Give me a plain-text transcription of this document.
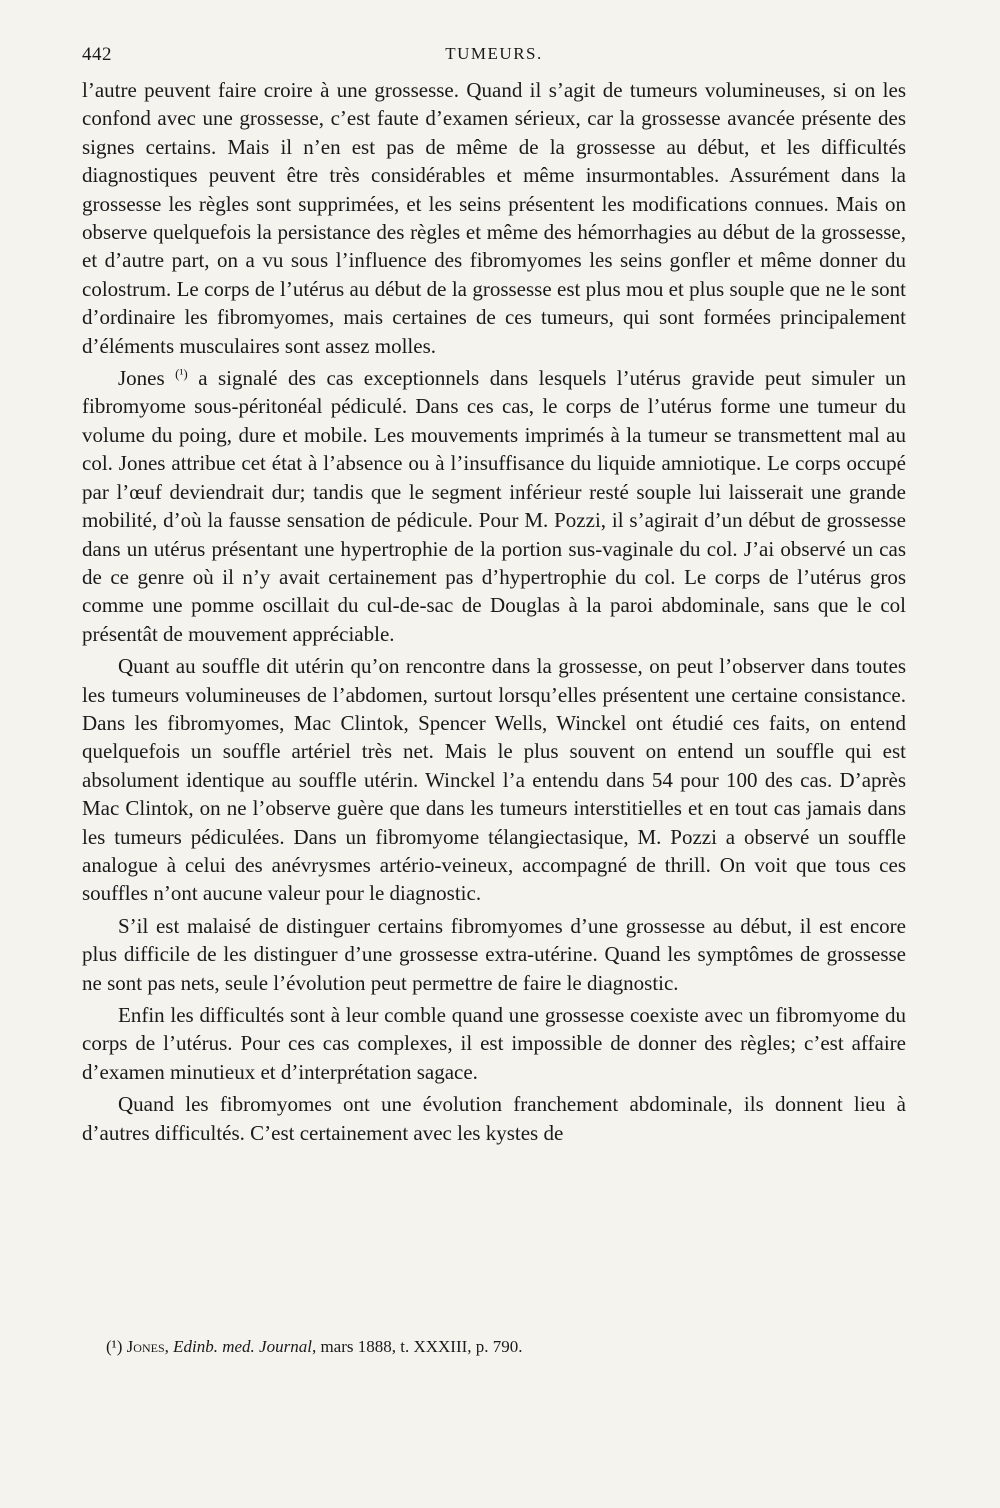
442	TUMEURS.

l’autre peuvent faire croire à une grossesse. Quand il s’agit de tumeurs volumineuses, si on les confond avec une grossesse, c’est faute d’examen sérieux, car la grossesse avancée présente des signes certains. Mais il n’en est pas de même de la grossesse au début, et les difficultés diagnostiques peuvent être très considérables et même insurmontables. Assurément dans la grossesse les règles sont supprimées, et les seins présentent les modifications connues. Mais on observe quelquefois la persistance des règles et même des hémorrhagies au début de la grossesse, et d’autre part, on a vu sous l’influence des fibromyomes les seins gonfler et même donner du colostrum. Le corps de l’utérus au début de la grossesse est plus mou et plus souple que ne le sont d’ordinaire les fibromyomes, mais certaines de ces tumeurs, qui sont formées principalement d’éléments musculaires sont assez molles.

Jones $^{(^1)}$ a signalé des cas exceptionnels dans lesquels l’utérus gravide peut simuler un fibromyome sous-péritonéal pédiculé. Dans ces cas, le corps de l’utérus forme une tumeur du volume du poing, dure et mobile. Les mouvements imprimés à la tumeur se transmettent mal au col. Jones attribue cet état à l’absence ou à l’insuffisance du liquide amniotique. Le corps occupé par l’œuf deviendrait dur; tandis que le segment inférieur resté souple lui laisserait une grande mobilité, d’où la fausse sensation de pédicule. Pour M. Pozzi, il s’agirait d’un début de grossesse dans un utérus présentant une hypertrophie de la portion sus-vaginale du col. J’ai observé un cas de ce genre où il n’y avait certainement pas d’hypertrophie du col. Le corps de l’utérus gros comme une pomme oscillait du cul-de-sac de Douglas à la paroi abdominale, sans que le col présentât de mouvement appréciable.

Quant au souffle dit utérin qu’on rencontre dans la grossesse, on peut l’observer dans toutes les tumeurs volumineuses de l’abdomen, surtout lorsqu’elles présentent une certaine consistance. Dans les fibromyomes, Mac Clintok, Spencer Wells, Winckel ont étudié ces faits, on entend quelquefois un souffle artériel très net. Mais le plus souvent on entend un souffle qui est absolument identique au souffle utérin. Winckel l’a entendu dans 54 pour 100 des cas. D’après Mac Clintok, on ne l’observe guère que dans les tumeurs interstitielles et en tout cas jamais dans les tumeurs pédiculées. Dans un fibromyome télangiectasique, M. Pozzi a observé un souffle analogue à celui des anévrysmes artério-veineux, accompagné de thrill. On voit que tous ces souffles n’ont aucune valeur pour le diagnostic.

S’il est malaisé de distinguer certains fibromyomes d’une grossesse au début, il est encore plus difficile de les distinguer d’une grossesse extra-utérine. Quand les symptômes de grossesse ne sont pas nets, seule l’évolution peut permettre de faire le diagnostic.

Enfin les difficultés sont à leur comble quand une grossesse coexiste avec un fibromyome du corps de l’utérus. Pour ces cas complexes, il est impossible de donner des règles; c’est affaire d’examen minutieux et d’interprétation sagace.

Quand les fibromyomes ont une évolution franchement abdominale, ils donnent lieu à d’autres difficultés. C’est certainement avec les kystes de

(¹) Jones, Edinb. med. Journal, mars 1888, t. XXXIII, p. 790.
